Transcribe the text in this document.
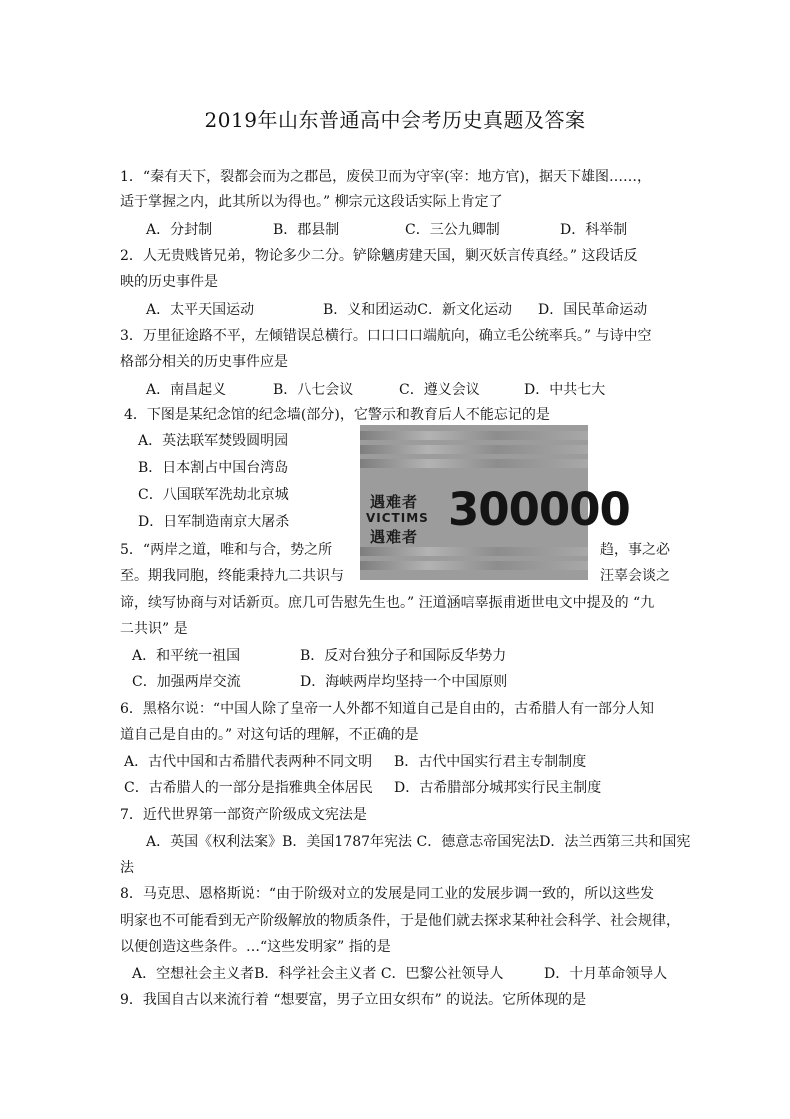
2019年山东普通高中会考历史真题及答案
1．“秦有天下，裂都会而为之郡邑，废侯卫而为守宰(宰：地方官)，据天下雄图……，
适于掌握之内，此其所以为得也。” 柳宗元这段话实际上肯定了
A．分封制	B．郡县制	C．三公九卿制	D．科举制
2．人无贵贱皆兄弟，物论多少二分。铲除魑虏建天国，剿灭妖言传真经。” 这段话反
映的历史事件是
A．太平天国运动	B．义和团运动C．新文化运动 D．国民革命运动
3．万里征途路不平，左倾错误总横行。口口口口端航向，确立毛公统率兵。” 与诗中空
格部分相关的历史事件应是
A．南昌起义	B．八七会议	C．遵义会议	D．中共七大
4．下图是某纪念馆的纪念墙(部分)，它警示和教育后人不能忘记的是
A．英法联军焚毁圆明园
B．日本割占中国台湾岛
C．八国联军洗劫北京城
D．日军制造南京大屠杀
遇难者
VICTIMS
遇难者
300000
5．“两岸之道，唯和与合，势之所	趋，事之必
至。期我同胞，终能秉持九二共识与	汪辜会谈之
谛，续写协商与对话新页。庶几可告慰先生也。” 汪道涵唁辜振甫逝世电文中提及的 “九
二共识” 是
A．和平统一祖国	B．反对台独分子和国际反华势力
C．加强两岸交流	D．海峡两岸均坚持一个中国原则
6．黑格尔说：“中国人除了皇帝一人外都不知道自己是自由的，古希腊人有一部分人知
道自己是自由的。” 对这句话的理解，不正确的是
A．古代中国和古希腊代表两种不同文明 B．古代中国实行君主专制制度
C．古希腊人的一部分是指雅典全体居民 D．古希腊部分城邦实行民主制度
7．近代世界第一部资产阶级成文宪法是
A．英国《权利法案》B．美国1787年宪法 C．德意志帝国宪法D．法兰西第三共和国宪
法
8．马克思、恩格斯说：“由于阶级对立的发展是同工业的发展步调一致的，所以这些发
明家也不可能看到无产阶级解放的物质条件，于是他们就去探求某种社会科学、社会规律，
以便创造这些条件。…“这些发明家” 指的是
A．空想社会主义者B．科学社会主义者 C．巴黎公社领导人	D．十月革命领导人
9．我国自古以来流行着 “想要富，男子立田女织布” 的说法。它所体现的是
